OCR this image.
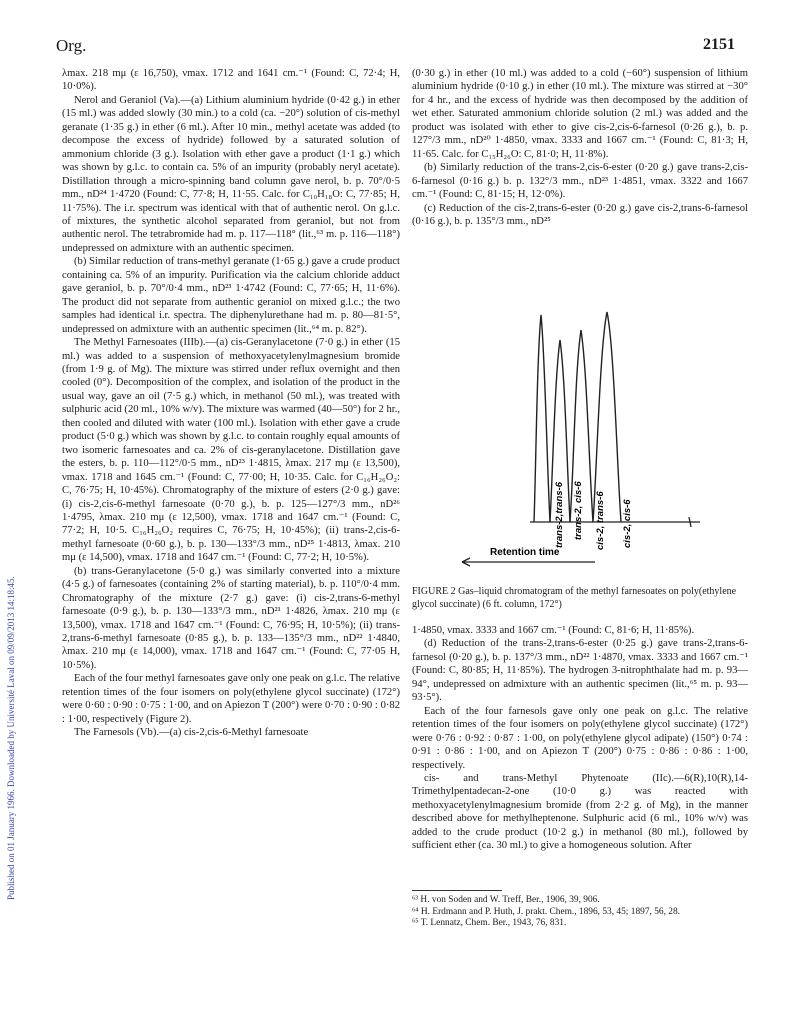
Org.	2151
Published on 01 January 1966. Downloaded by Université Laval on 09/09/2013 14:18:45.

λmax. 218 mμ (ε 16,750), νmax. 1712 and 1641 cm.⁻¹ (Found: C, 72·4; H, 10·0%).

Nerol and Geraniol (Va).—(a) Lithium aluminium hydride (0·42 g.) in ether (15 ml.) was added slowly (30 min.) to a cold (ca. −20°) solution of cis-methyl geranate (1·35 g.) in ether (6 ml.). After 10 min., methyl acetate was added (to decompose the excess of hydride) followed by a saturated solution of ammonium chloride (3 g.). Isolation with ether gave a product (1·1 g.) which was shown by g.l.c. to contain ca. 5% of an impurity (probably neryl acetate). Distillation through a micro-spinning band column gave nerol, b. p. 70°/0·5 mm., nD²⁴ 1·4720 (Found: C, 77·8; H, 11·55. Calc. for C₁₀H₁₈O: C, 77·85; H, 11·75%). The i.r. spectrum was identical with that of authentic nerol. On g.l.c. of mixtures, the synthetic alcohol separated from geraniol, but not from authentic nerol. The tetrabromide had m. p. 117—118° (lit.,⁶³ m. p. 116—118°) undepressed on admixture with an authentic specimen.

(b) Similar reduction of trans-methyl geranate (1·65 g.) gave a crude product containing ca. 5% of an impurity. Purification via the calcium chloride adduct gave geraniol, b. p. 70°/0·4 mm., nD²³ 1·4742 (Found: C, 77·65; H, 11·6%). The product did not separate from authentic geraniol on mixed g.l.c.; the two samples had identical i.r. spectra. The diphenylurethane had m. p. 80—81·5°, undepressed on admixture with an authentic specimen (lit.,⁶⁴ m. p. 82°).

The Methyl Farnesoates (IIIb).—(a) cis-Geranylacetone (7·0 g.) in ether (15 ml.) was added to a suspension of methoxyacetylenylmagnesium bromide (from 1·9 g. of Mg). The mixture was stirred under reflux overnight and then cooled (0°). Decomposition of the complex, and isolation of the product in the usual way, gave an oil (7·5 g.) which, in methanol (50 ml.), was treated with sulphuric acid (20 ml., 10% w/v). The mixture was warmed (40—50°) for 2 hr., then cooled and diluted with water (100 ml.). Isolation with ether gave a crude product (5·0 g.) which was shown by g.l.c. to contain roughly equal amounts of two isomeric farnesoates and ca. 2% of cis-geranylacetone. Distillation gave the esters, b. p. 110—112°/0·5 mm., nD²³ 1·4815, λmax. 217 mμ (ε 13,500), νmax. 1718 and 1645 cm.⁻¹ (Found: C, 77·00; H, 10·35. Calc. for C₁₆H₂₆O₂: C, 76·75; H, 10·45%). Chromatography of the mixture of esters (2·0 g.) gave: (i) cis-2,cis-6-methyl farnesoate (0·70 g.), b. p. 125—127°/3 mm., nD²⁶ 1·4795, λmax. 210 mμ (ε 12,500), νmax. 1718 and 1647 cm.⁻¹ (Found: C, 77·2; H, 10·5. C₁₆H₂₆O₂ requires C, 76·75; H, 10·45%); (ii) trans-2,cis-6-methyl farnesoate (0·60 g.), b. p. 130—133°/3 mm., nD²⁵ 1·4813, λmax. 210 mμ (ε 14,500), νmax. 1718 and 1647 cm.⁻¹ (Found: C, 77·2; H, 10·5%).

(b) trans-Geranylacetone (5·0 g.) was similarly converted into a mixture (4·5 g.) of farnesoates (containing 2% of starting material), b. p. 110°/0·4 mm. Chromatography of the mixture (2·7 g.) gave: (i) cis-2,trans-6-methyl farnesoate (0·9 g.), b. p. 130—133°/3 mm., nD²¹ 1·4826, λmax. 210 mμ (ε 13,500), νmax. 1718 and 1647 cm.⁻¹ (Found: C, 76·95; H, 10·5%); (ii) trans-2,trans-6-methyl farnesoate (0·85 g.), b. p. 133—135°/3 mm., nD²² 1·4840, λmax. 210 mμ (ε 14,000), νmax. 1718 and 1647 cm.⁻¹ (Found: C, 77·05 H, 10·5%).

Each of the four methyl farnesoates gave only one peak on g.l.c. The relative retention times of the four isomers on poly(ethylene glycol succinate) (172°) were 0·60 : 0·90 : 0·75 : 1·00, and on Apiezon T (200°) were 0·70 : 0·90 : 0·82 : 1·00, respectively (Figure 2).

The Farnesols (Vb).—(a) cis-2,cis-6-Methyl farnesoate

(0·30 g.) in ether (10 ml.) was added to a cold (−60°) suspension of lithium aluminium hydride (0·10 g.) in ether (10 ml.). The mixture was stirred at −30° for 4 hr., and the excess of hydride was then decomposed by the addition of wet ether. Saturated ammonium chloride solution (2 ml.) was added and the product was isolated with ether to give cis-2,cis-6-farnesol (0·26 g.), b. p. 127°/3 mm., nD²⁰ 1·4850, νmax. 3333 and 1667 cm.⁻¹ (Found: C, 81·3; H, 11·65. Calc. for C₁₅H₂₆O: C, 81·0; H, 11·8%).

(b) Similarly reduction of the trans-2,cis-6-ester (0·20 g.) gave trans-2,cis-6-farnesol (0·16 g.) b. p. 132°/3 mm., nD²³ 1·4851, νmax. 3322 and 1667 cm.⁻¹ (Found: C, 81·15; H, 12·0%).

(c) Reduction of the cis-2,trans-6-ester (0·20 g.) gave cis-2,trans-6-farnesol (0·16 g.), b. p. 135°/3 mm., nD²⁵

trans-2,trans-6 trans-2, cis-6 cis-2, trans-6 cis-2, cis-6
Retention time
FIGURE 2 Gas–liquid chromatogram of the methyl farnesoates on poly(ethylene glycol succinate) (6 ft. column, 172°)

1·4850, νmax. 3333 and 1667 cm.⁻¹ (Found: C, 81·6; H, 11·85%).

(d) Reduction of the trans-2,trans-6-ester (0·25 g.) gave trans-2,trans-6-farnesol (0·20 g.), b. p. 137°/3 mm., nD²² 1·4870, νmax. 3333 and 1667 cm.⁻¹ (Found: C, 80·85; H, 11·85%). The hydrogen 3-nitrophthalate had m. p. 93—94°, undepressed on admixture with an authentic specimen (lit.,⁶⁵ m. p. 93—93·5°).

Each of the four farnesols gave only one peak on g.l.c. The relative retention times of the four isomers on poly(ethylene glycol succinate) (172°) were 0·76 : 0·92 : 0·87 : 1·00, on poly(ethylene glycol adipate) (150°) 0·74 : 0·91 : 0·86 : 1·00, and on Apiezon T (200°) 0·75 : 0·86 : 0·86 : 1·00, respectively.

cis- and trans-Methyl Phytenoate (IIc).—6(R),10(R),14-Trimethylpentadecan-2-one (10·0 g.) was reacted with methoxyacetylenylmagnesium bromide (from 2·2 g. of Mg), in the manner described above for methylheptenone. Sulphuric acid (6 ml., 10% w/v) was added to the crude product (10·2 g.) in methanol (80 ml.), followed by sufficient ether (ca. 30 ml.) to give a homogeneous solution. After

⁶³ H. von Soden and W. Treff, Ber., 1906, 39, 906.

⁶⁴ H. Erdmann and P. Huth, J. prakt. Chem., 1896, 53, 45; 1897, 56, 28.

⁶⁵ T. Lennatz, Chem. Ber., 1943, 76, 831.
